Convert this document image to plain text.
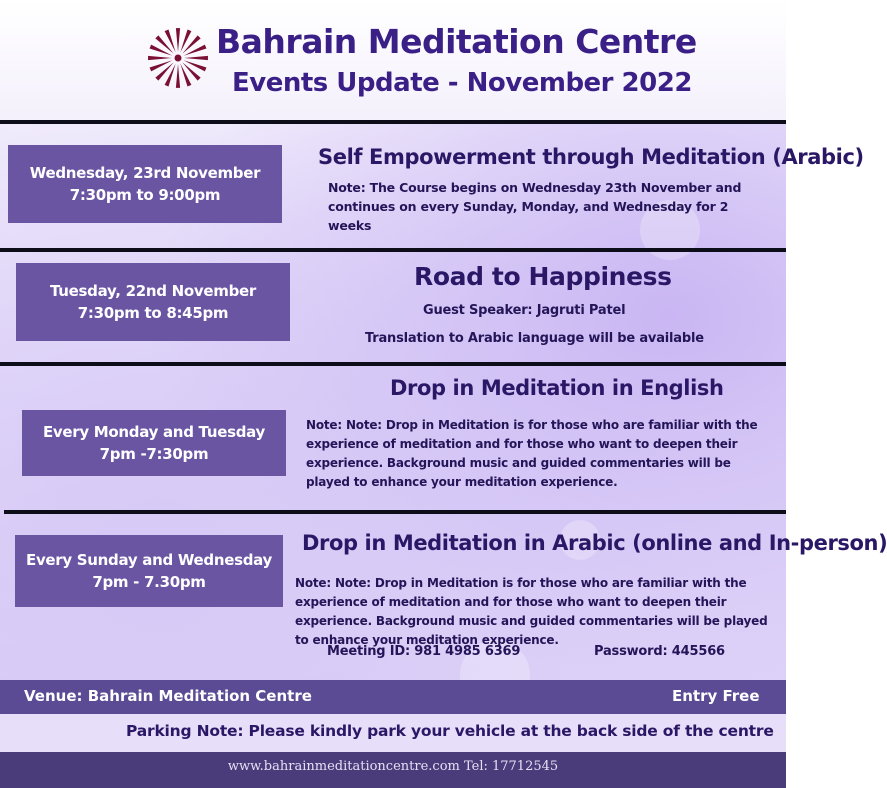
Bahrain Meditation Centre
Events Update - November 2022
Wednesday, 23rd November
7:30pm to 9:00pm
Self Empowerment through Meditation (Arabic)
Note: The Course begins on Wednesday 23th November and continues on every Sunday, Monday, and Wednesday for 2 weeks
Tuesday, 22nd November
7:30pm to 8:45pm
Road to Happiness
Guest Speaker: Jagruti Patel
Translation to Arabic language will be available
Every Monday and Tuesday
7pm -7:30pm
Drop in Meditation in English
Note: Note: Drop in Meditation is for those who are familiar with the experience of meditation and for those who want to deepen their experience. Background music and guided commentaries will be played to enhance your meditation experience.
Every Sunday and Wednesday
7pm - 7.30pm
Drop in Meditation in Arabic (online and In-person)
Note: Note: Drop in Meditation is for those who are familiar with the experience of meditation and for those who want to deepen their experience. Background music and guided commentaries will be played to enhance your meditation experience.
Meeting ID: 981 4985 6369	Password: 445566
Venue: Bahrain Meditation Centre	Entry Free
Parking Note: Please kindly park your vehicle at the back side of the centre
www.bahrainmeditationcentre.com Tel: 17712545
